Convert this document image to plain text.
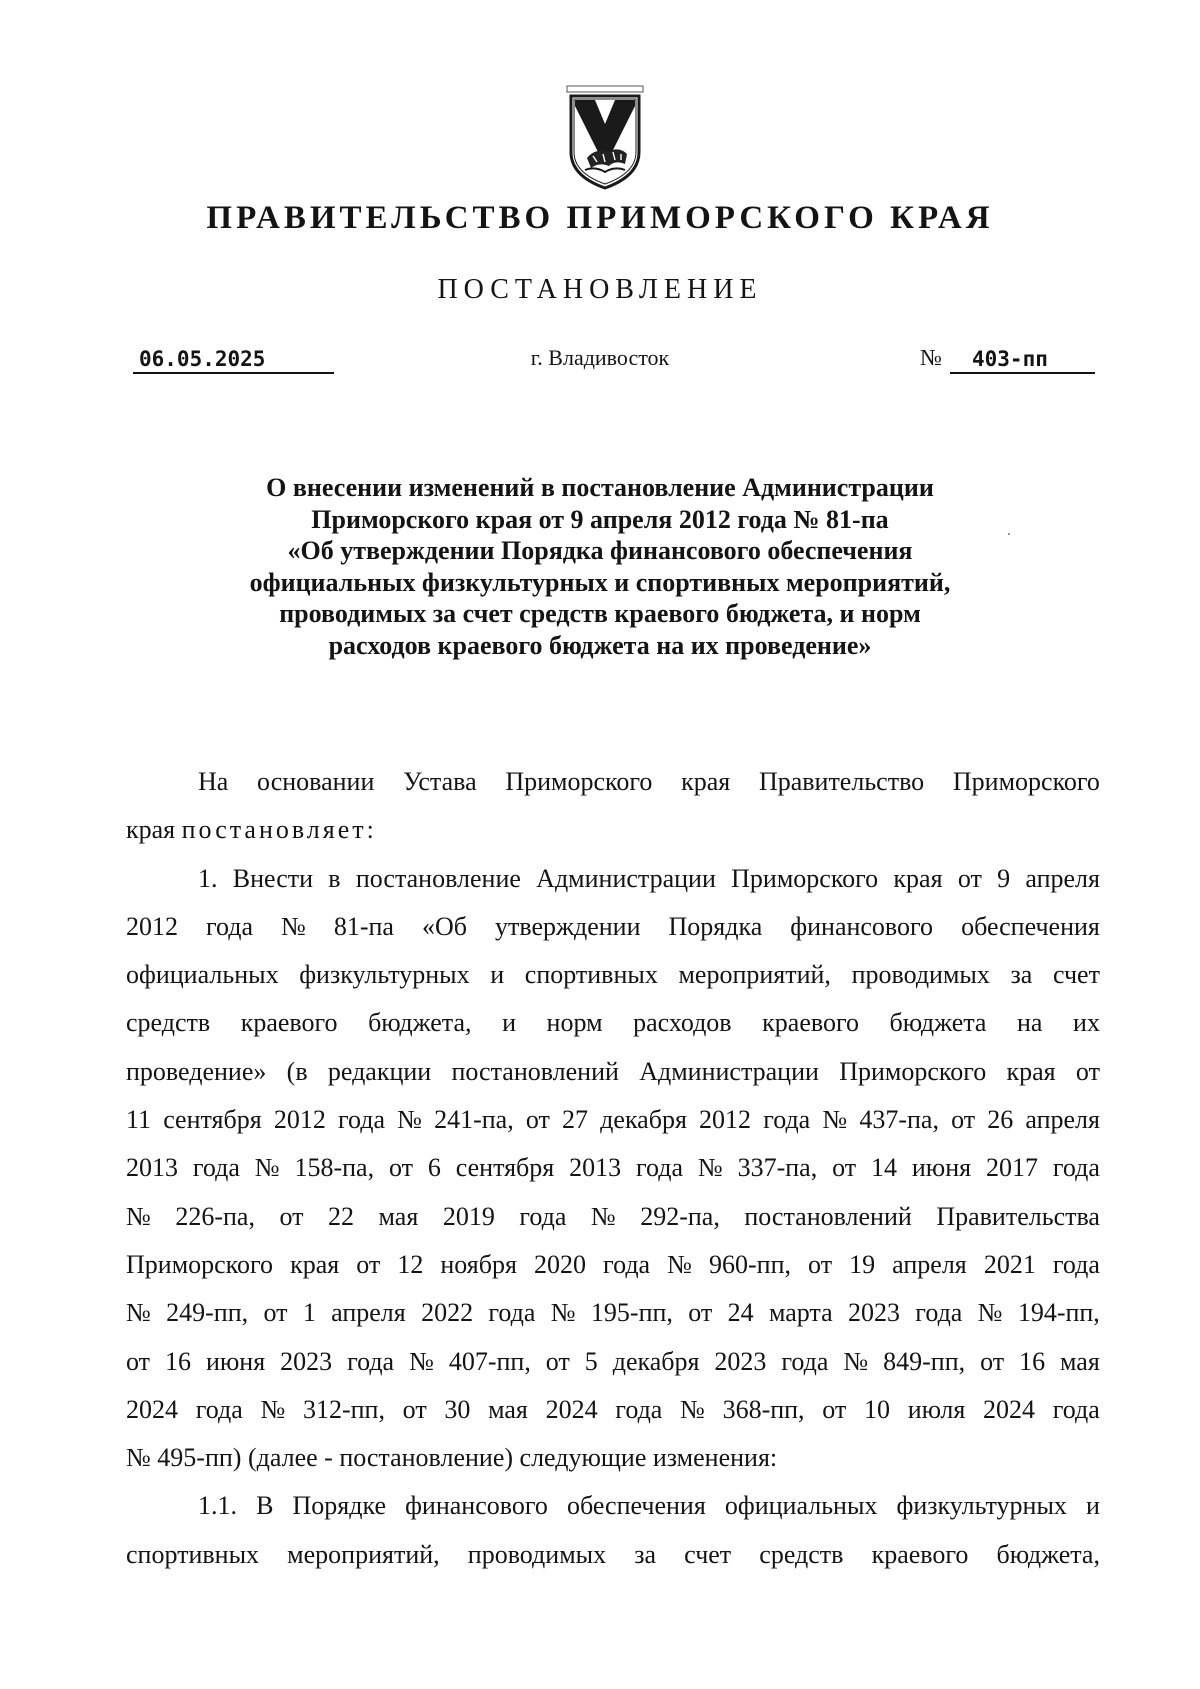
ПРАВИТЕЛЬСТВО ПРИМОРСКОГО КРАЯ
ПОСТАНОВЛЕНИЕ
06.05.2025	г. Владивосток	№	403-пп
О внесении изменений в постановление Администрации
Приморского края от 9 апреля 2012 года № 81-па
«Об утверждении Порядка финансового обеспечения
официальных физкультурных и спортивных мероприятий,
проводимых за счет средств краевого бюджета, и норм
расходов краевого бюджета на их проведение»
На основании Устава Приморского края Правительство Приморского
края постановляет:
1. Внести в постановление Администрации Приморского края от 9 апреля
2012 года № 81-па «Об утверждении Порядка финансового обеспечения
официальных физкультурных и спортивных мероприятий, проводимых за счет
средств краевого бюджета, и норм расходов краевого бюджета на их
проведение» (в редакции постановлений Администрации Приморского края от
11 сентября 2012 года № 241-па, от 27 декабря 2012 года № 437-па, от 26 апреля
2013 года № 158-па, от 6 сентября 2013 года № 337-па, от 14 июня 2017 года
№ 226-па, от 22 мая 2019 года № 292-па, постановлений Правительства
Приморского края от 12 ноября 2020 года № 960-пп, от 19 апреля 2021 года
№ 249-пп, от 1 апреля 2022 года № 195-пп, от 24 марта 2023 года № 194-пп,
от 16 июня 2023 года № 407-пп, от 5 декабря 2023 года № 849-пп, от 16 мая
2024 года № 312-пп, от 30 мая 2024 года № 368-пп, от 10 июля 2024 года
№ 495-пп) (далее - постановление) следующие изменения:
1.1. В Порядке финансового обеспечения официальных физкультурных и
спортивных мероприятий, проводимых за счет средств краевого бюджета,
